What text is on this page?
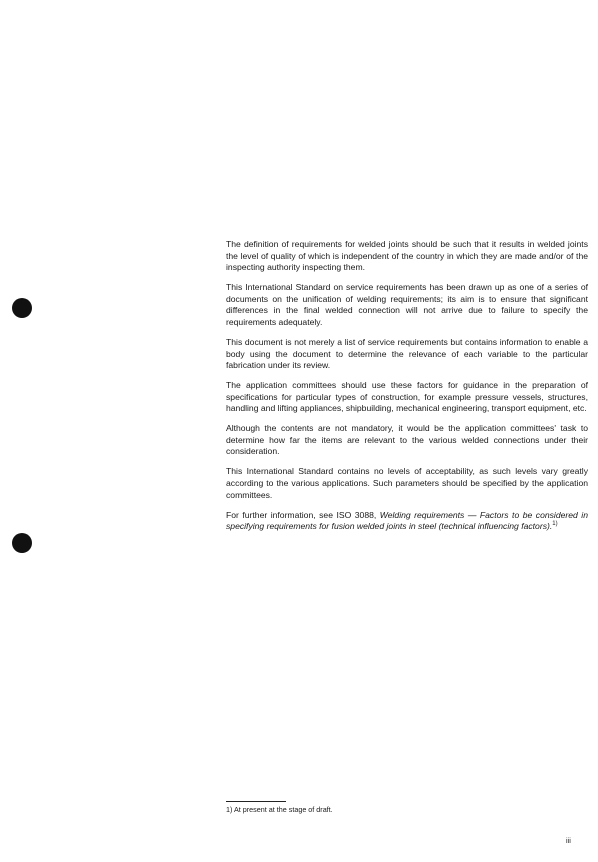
The definition of requirements for welded joints should be such that it results in welded joints the level of quality of which is independent of the country in which they are made and/or of the inspecting authority inspecting them.

This International Standard on service requirements has been drawn up as one of a series of documents on the unification of welding requirements; its aim is to ensure that significant differences in the final welded connection will not arrive due to failure to specify the requirements adequately.

This document is not merely a list of service requirements but contains information to enable a body using the document to determine the relevance of each variable to the particular fabrication under its review.

The application committees should use these factors for guidance in the preparation of specifications for particular types of construction, for example pressure vessels, structures, handling and lifting appliances, shipbuilding, mechanical engineering, transport equipment, etc.

Although the contents are not mandatory, it would be the application committees' task to determine how far the items are relevant to the various welded connections under their consideration.

This International Standard contains no levels of acceptability, as such levels vary greatly according to the various applications. Such parameters should be specified by the application committees.

For further information, see ISO 3088, Welding requirements — Factors to be considered in specifying requirements for fusion welded joints in steel (technical influencing factors).$^{1)}$

1) At present at the stage of draft.
iii
